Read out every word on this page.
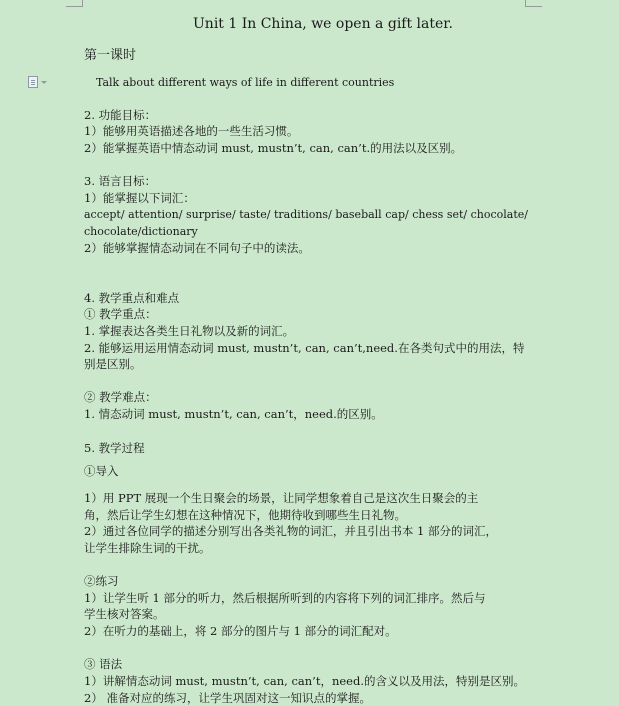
Unit 1 In China, we open a gift later.
第一课时
Talk about different ways of life in different countries
2. 功能目标：
1）能够用英语描述各地的一些生活习惯。
2）能掌握英语中情态动词 must, mustn’t, can, can’t.的用法以及区别。
3. 语言目标：
1）能掌握以下词汇：
accept/ attention/ surprise/ taste/ traditions/ baseball cap/ chess set/ chocolate/
chocolate/dictionary
2）能够掌握情态动词在不同句子中的读法。
4. 教学重点和难点
① 教学重点：
1. 掌握表达各类生日礼物以及新的词汇。
2. 能够运用运用情态动词 must, mustn’t, can, can’t,need.在各类句式中的用法，特
别是区别。
② 教学难点：
1. 情态动词 must, mustn’t, can, can’t，need.的区别。
5. 教学过程
①导入
1）用 PPT 展现一个生日聚会的场景，让同学想象着自己是这次生日聚会的主
角，然后让学生幻想在这种情况下，他期待收到哪些生日礼物。
2）通过各位同学的描述分别写出各类礼物的词汇，并且引出书本 1 部分的词汇，
让学生排除生词的干扰。
②练习
1）让学生听 1 部分的听力，然后根据所听到的内容将下列的词汇排序。然后与
学生核对答案。
2）在听力的基础上，将 2 部分的图片与 1 部分的词汇配对。
③ 语法
1）讲解情态动词 must, mustn’t, can, can’t，need.的含义以及用法，特别是区别。
2） 准备对应的练习，让学生巩固对这一知识点的掌握。
